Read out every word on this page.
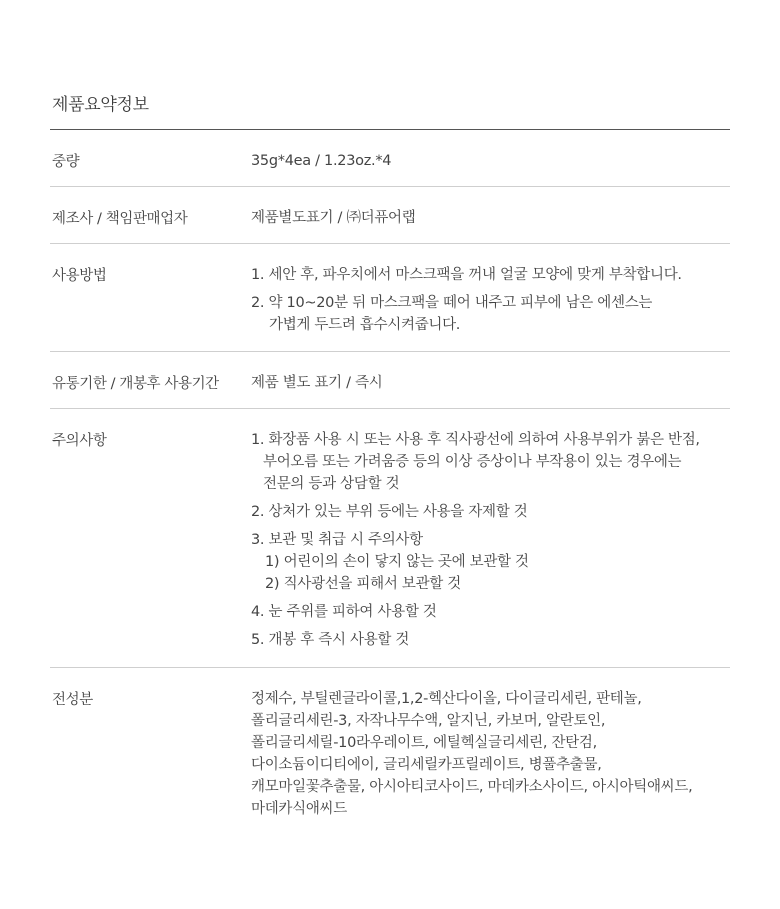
제품요약정보
중량	35g*4ea / 1.23oz.*4
제조사 / 책임판매업자	제품별도표기 / ㈜더퓨어랩
사용방법	1. 세안 후, 파우치에서 마스크팩을 꺼내 얼굴 모양에 맞게 부착합니다.
2. 약 10~20분 뒤 마스크팩을 떼어 내주고 피부에 남은 에센스는
가볍게 두드려 흡수시켜줍니다.
유통기한 / 개봉후 사용기간	제품 별도 표기 / 즉시
주의사항	1. 화장품 사용 시 또는 사용 후 직사광선에 의하여 사용부위가 붉은 반점,
부어오름 또는 가려움증 등의 이상 증상이나 부작용이 있는 경우에는
전문의 등과 상담할 것
2. 상처가 있는 부위 등에는 사용을 자제할 것
3. 보관 및 취급 시 주의사항
1) 어린이의 손이 닿지 않는 곳에 보관할 것
2) 직사광선을 피해서 보관할 것
4. 눈 주위를 피하여 사용할 것
5. 개봉 후 즉시 사용할 것
전성분	정제수, 부틸렌글라이콜,1,2-헥산다이올, 다이글리세린, 판테놀,
폴리글리세린-3, 자작나무수액, 알지닌, 카보머, 알란토인,
폴리글리세릴-10라우레이트, 에틸헥실글리세린, 잔탄검,
다이소듐이디티에이, 글리세릴카프릴레이트, 병풀추출물,
캐모마일꽃추출물, 아시아티코사이드, 마데카소사이드, 아시아틱애씨드,
마데카식애씨드
